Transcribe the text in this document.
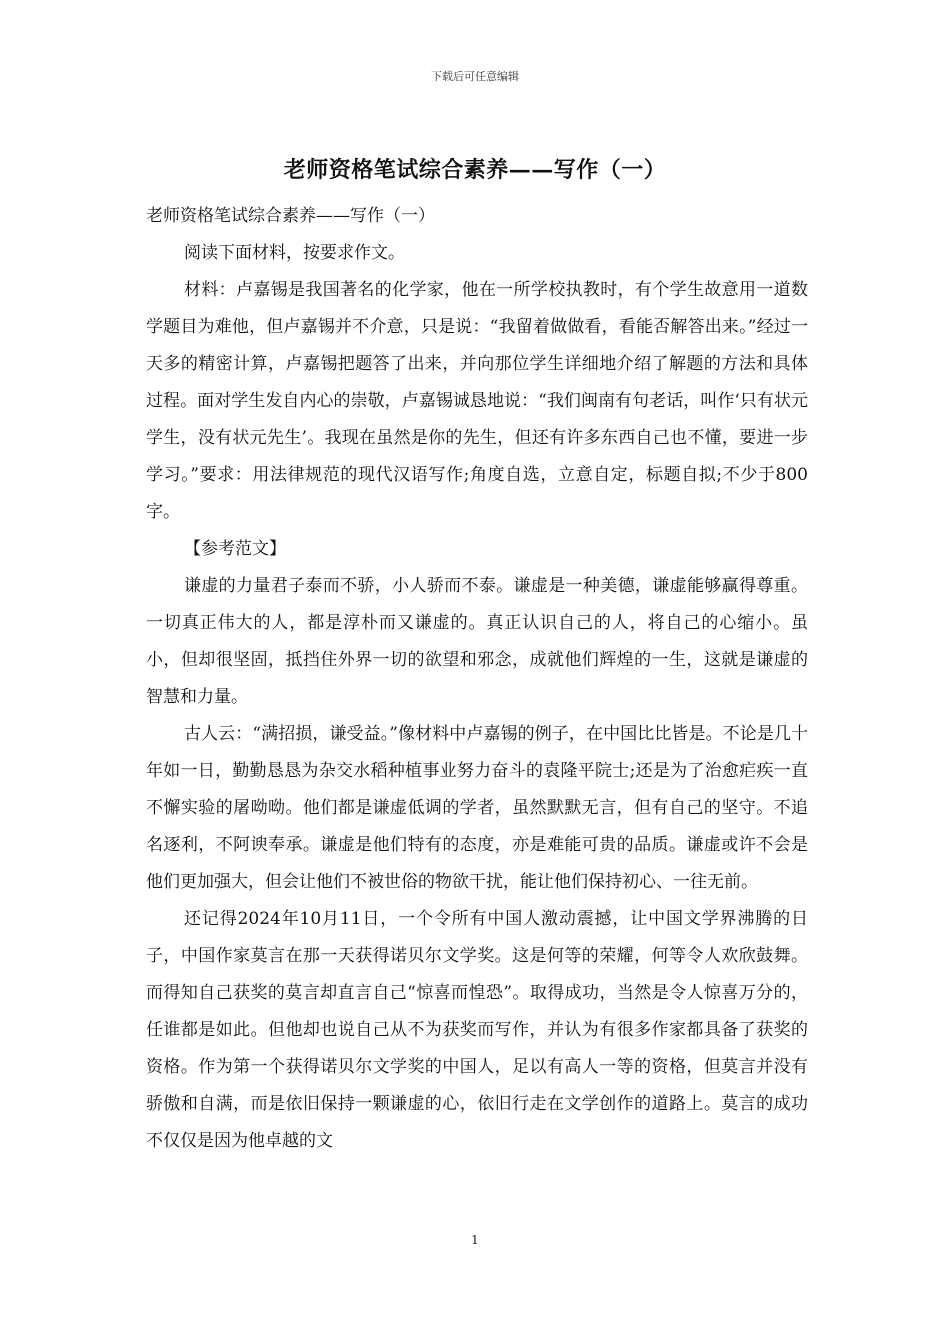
下载后可任意编辑
老师资格笔试综合素养——写作（一）

老师资格笔试综合素养——写作（一）

阅读下面材料，按要求作文。

材料：卢嘉锡是我国著名的化学家，他在一所学校执教时，有个学生故意用一道数学题目为难他，但卢嘉锡并不介意，只是说：“我留着做做看，看能否解答出来。”经过一天多的精密计算，卢嘉锡把题答了出来，并向那位学生详细地介绍了解题的方法和具体过程。面对学生发自内心的崇敬，卢嘉锡诚恳地说：“我们闽南有句老话，叫作‘只有状元学生，没有状元先生’。我现在虽然是你的先生，但还有许多东西自己也不懂，要进一步学习。”要求：用法律规范的现代汉语写作;角度自选，立意自定，标题自拟;不少于800字。

【参考范文】

谦虚的力量君子泰而不骄，小人骄而不泰。谦虚是一种美德，谦虚能够赢得尊重。一切真正伟大的人，都是淳朴而又谦虚的。真正认识自己的人，将自己的心缩小。虽小，但却很坚固，抵挡住外界一切的欲望和邪念，成就他们辉煌的一生，这就是谦虚的智慧和力量。

古人云：“满招损，谦受益。”像材料中卢嘉锡的例子，在中国比比皆是。不论是几十年如一日，勤勤恳恳为杂交水稻种植事业努力奋斗的袁隆平院士;还是为了治愈疟疾一直不懈实验的屠呦呦。他们都是谦虚低调的学者，虽然默默无言，但有自己的坚守。不追名逐利，不阿谀奉承。谦虚是他们特有的态度，亦是难能可贵的品质。谦虚或许不会是他们更加强大，但会让他们不被世俗的物欲干扰，能让他们保持初心、一往无前。

还记得2024年10月11日，一个令所有中国人激动震撼，让中国文学界沸腾的日子，中国作家莫言在那一天获得诺贝尔文学奖。这是何等的荣耀，何等令人欢欣鼓舞。而得知自己获奖的莫言却直言自己“惊喜而惶恐”。取得成功，当然是令人惊喜万分的，任谁都是如此。但他却也说自己从不为获奖而写作，并认为有很多作家都具备了获奖的资格。作为第一个获得诺贝尔文学奖的中国人，足以有高人一等的资格，但莫言并没有骄傲和自满，而是依旧保持一颗谦虚的心，依旧行走在文学创作的道路上。莫言的成功不仅仅是因为他卓越的文

1
